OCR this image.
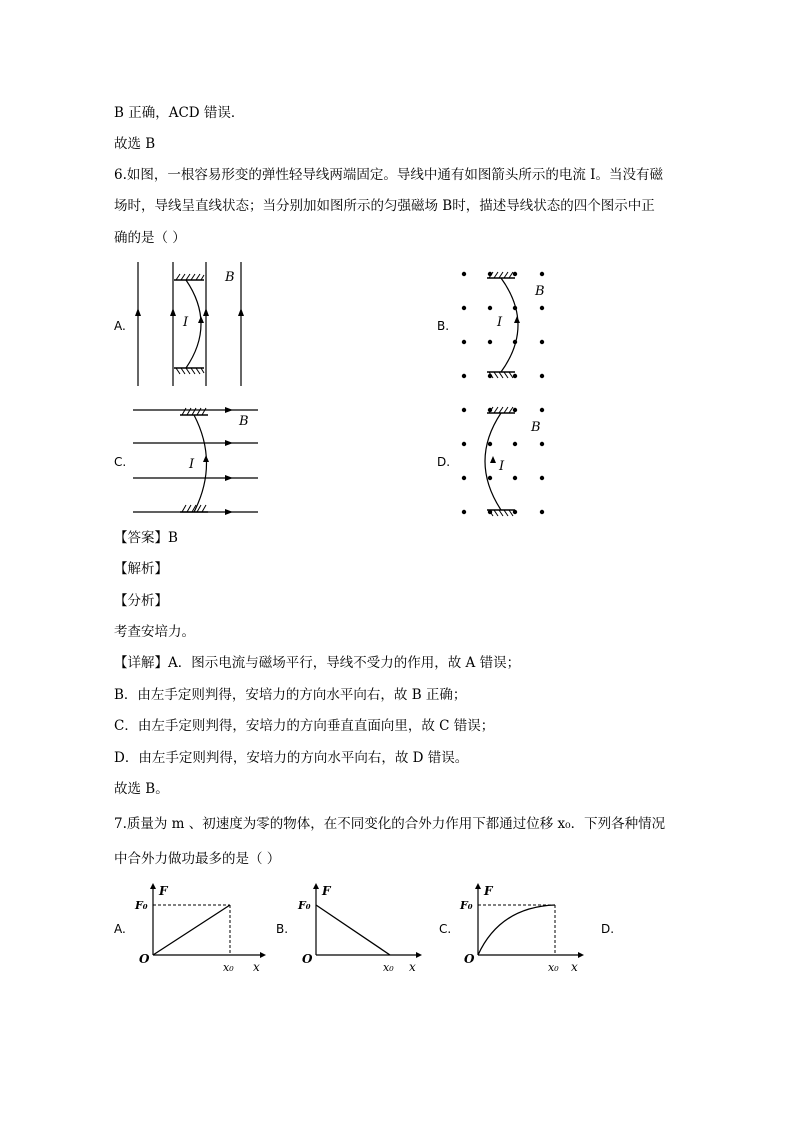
B 正确，ACD 错误．
故选 B
6.如图，一根容易形变的弹性轻导线两端固定。导线中通有如图箭头所示的电流 I。当没有磁
场时，导线呈直线状态；当分别加如图所示的匀强磁场 B时，描述导线状态的四个图示中正
确的是（ ）
A.	B.
C.	D.
I
B
I
B
I
B
I
B
【答案】B
【解析】
【分析】
考查安培力。
【详解】A．图示电流与磁场平行，导线不受力的作用，故 A 错误；
B．由左手定则判得，安培力的方向水平向右，故 B 正确；
C．由左手定则判得，安培力的方向垂直直面向里，故 C 错误；
D．由左手定则判得，安培力的方向水平向右，故 D 错误。
故选 B。
7.质量为 m 、初速度为零的物体，在不同变化的合外力作用下都通过位移 x₀．下列各种情况
中合外力做功最多的是（ ）
A.	B.	C.	D.
F
x
O
F₀
x₀
F
x
O
F₀
x₀
F
x
O
F₀
x₀
